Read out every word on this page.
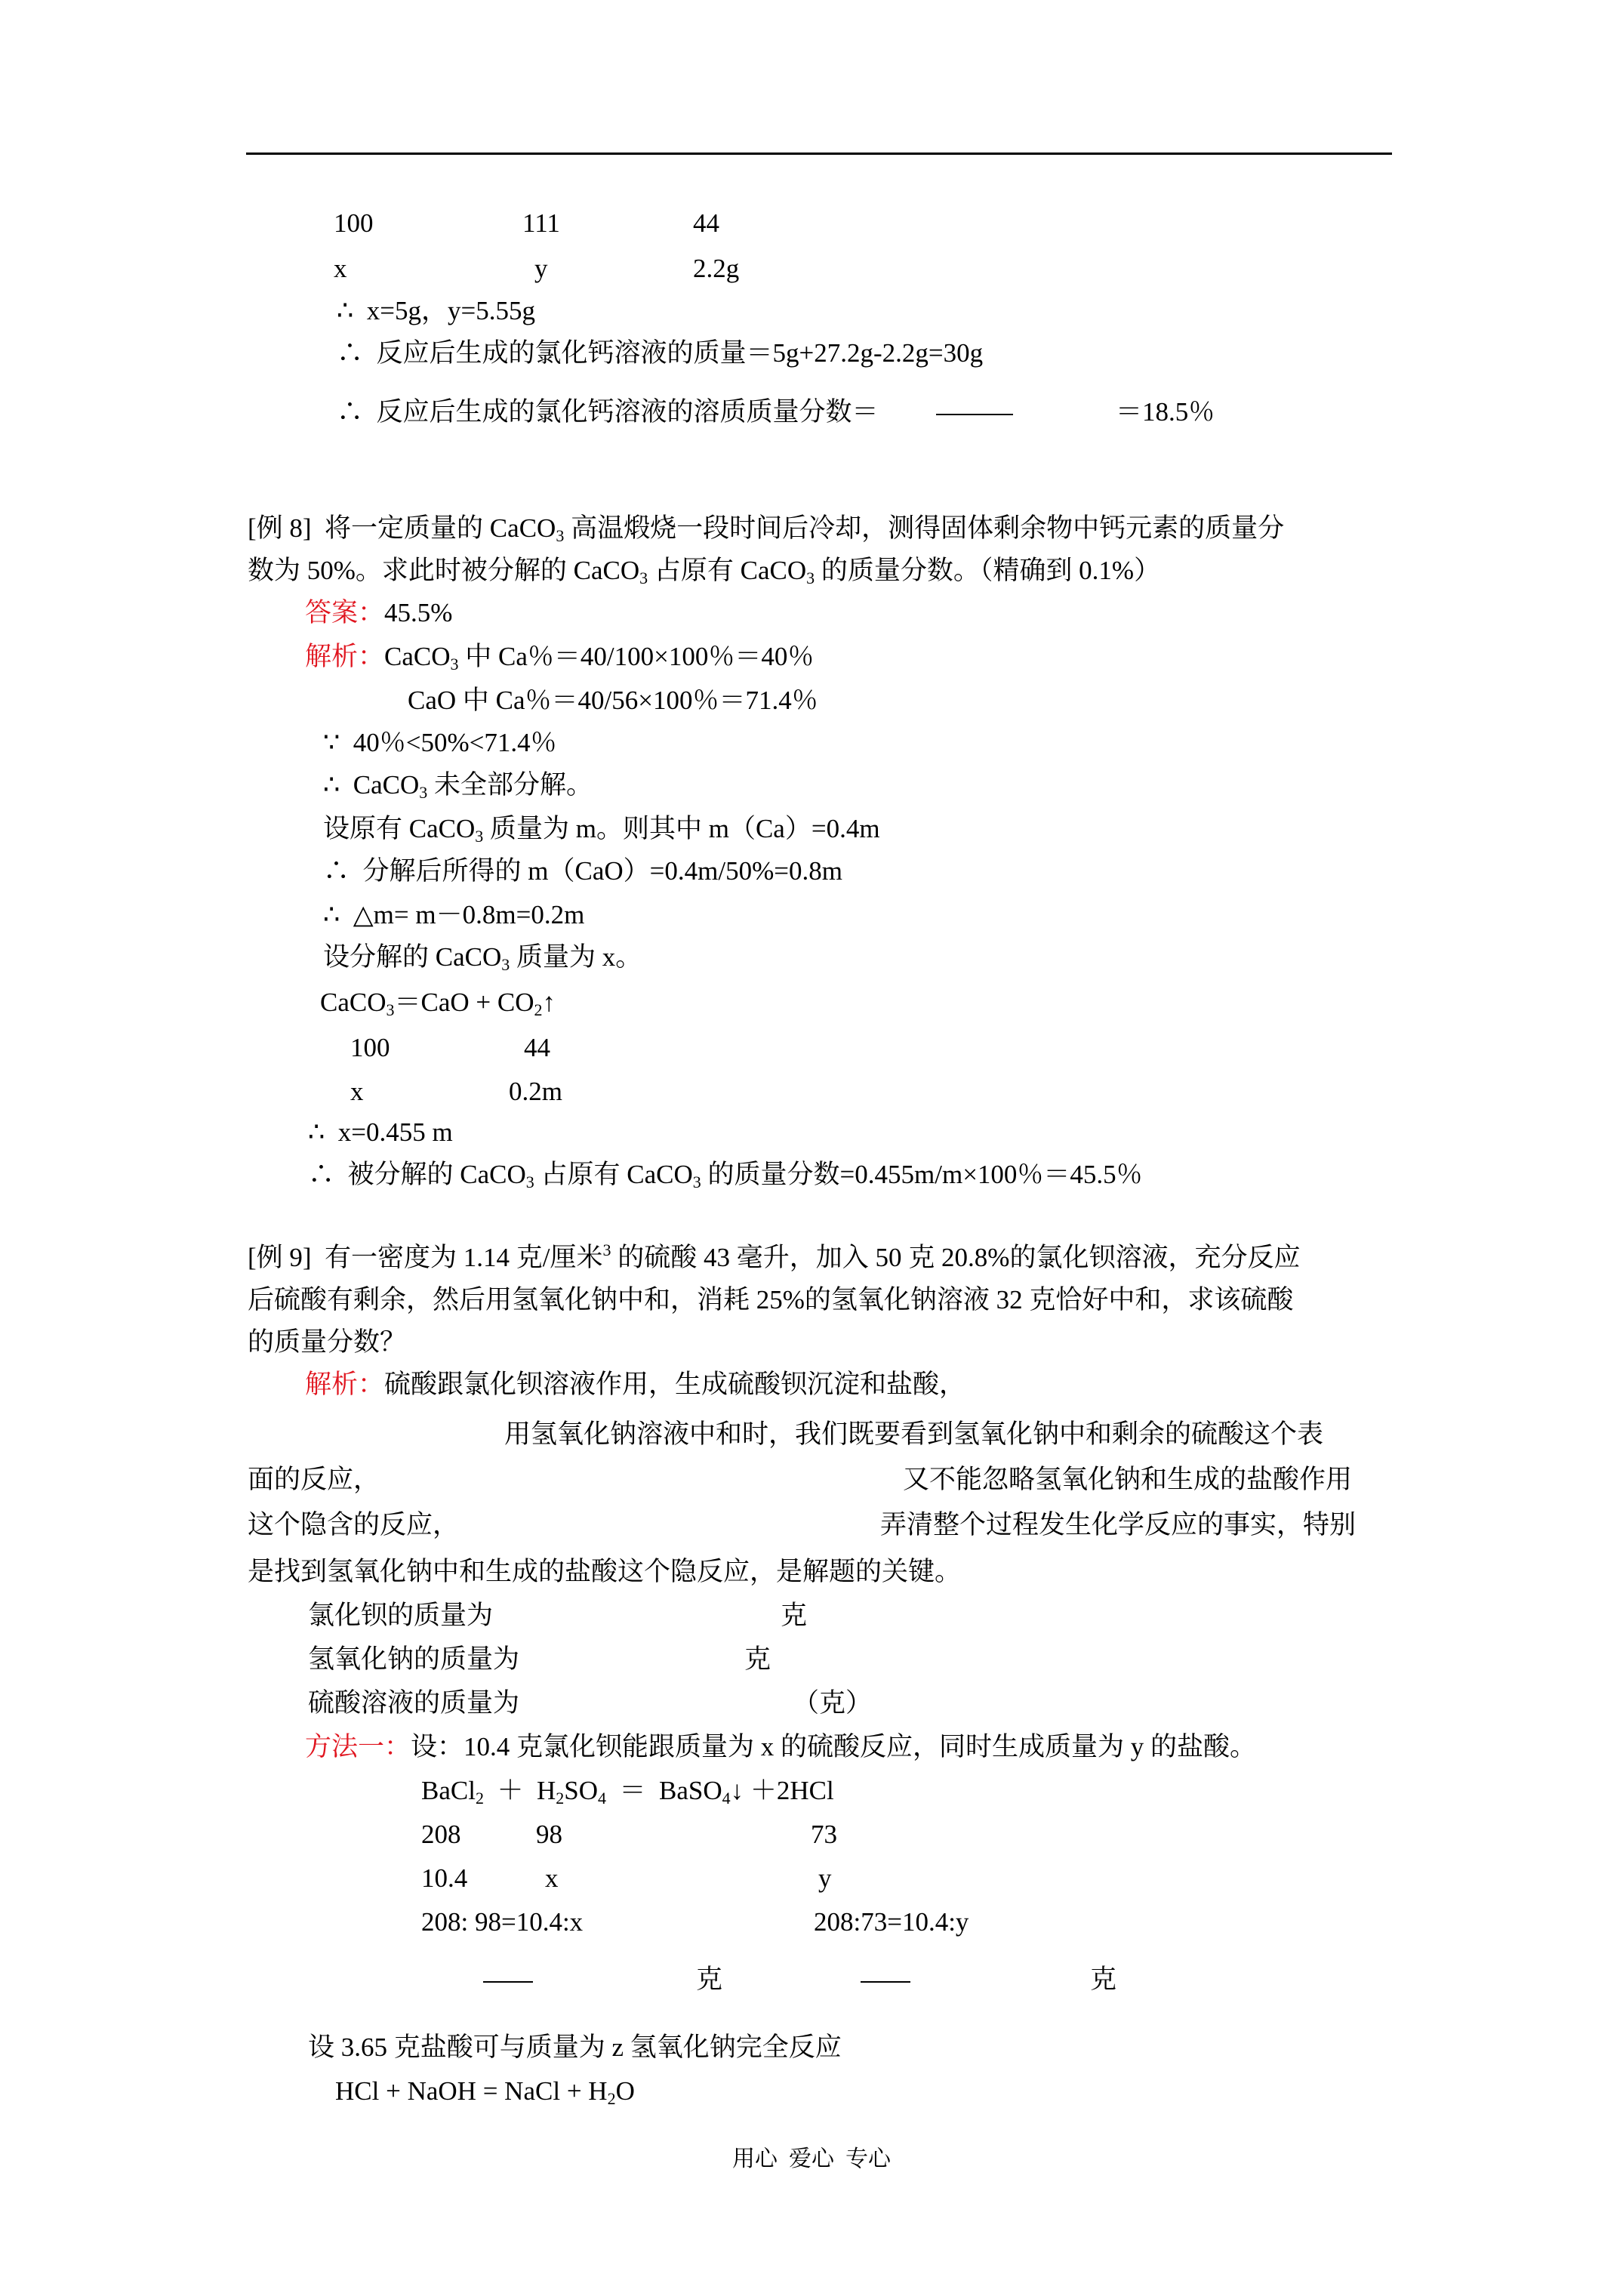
100	111	44
x	y	2.2g
∴  x=5g，y=5.55g
∴  反应后生成的氯化钙溶液的质量＝5g+27.2g-2.2g=30g
∴  反应后生成的氯化钙溶液的溶质质量分数＝	＝18.5％
[例 8]  将一定质量的 CaCO$_3$ 高温煅烧一段时间后冷却，测得固体剩余物中钙元素的质量分
数为 50%。求此时被分解的 CaCO$_3$ 占原有 CaCO$_3$ 的质量分数。（精确到 0.1%）
答案：45.5%
解析：CaCO$_3$ 中 Ca％＝40/100×100％＝40％
CaO 中 Ca％＝40/56×100％＝71.4％
∵  40％<50%<71.4％
∴  CaCO$_3$ 未全部分解。
设原有 CaCO$_3$ 质量为 m。则其中 m（Ca）=0.4m
∴  分解后所得的 m（CaO）=0.4m/50%=0.8m
∴  △m= m－0.8m=0.2m
设分解的 CaCO$_3$ 质量为 x。
CaCO$_3$＝CaO + $CO_2↑$
100	44
x	0.2m
∴  x=0.455 m
∴  被分解的 CaCO$_3$ 占原有 CaCO$_3$ 的质量分数=0.455m/m×100％＝45.5％
[例 9]  有一密度为 1.14 克/厘米$^3$ 的硫酸 43 毫升，加入 50 克 20.8%的氯化钡溶液，充分反应
后硫酸有剩余，然后用氢氧化钠中和，消耗 25%的氢氧化钠溶液 32 克恰好中和，求该硫酸
的质量分数？
解析：硫酸跟氯化钡溶液作用，生成硫酸钡沉淀和盐酸，
用氢氧化钠溶液中和时，我们既要看到氢氧化钠中和剩余的硫酸这个表
面的反应，	又不能忽略氢氧化钠和生成的盐酸作用
这个隐含的反应，	弄清整个过程发生化学反应的事实，特别
是找到氢氧化钠中和生成的盐酸这个隐反应，是解题的关键。
氯化钡的质量为	克
氢氧化钠的质量为	克
硫酸溶液的质量为	（克）
方法一：设：10.4 克氯化钡能跟质量为 x 的硫酸反应，同时生成质量为 y 的盐酸。
BaCl$_2$  ＋  $H_2SO_4$  ＝  BaSO$_4$↓ ＋2HCl
208	98	73
10.4	x	y
208: 98=10.4:x	208:73=10.4:y
克	克
设 3.65 克盐酸可与质量为 z 氢氧化钠完全反应
HCl + NaOH = NaCl + $H_2O$
用心  爱心  专心
